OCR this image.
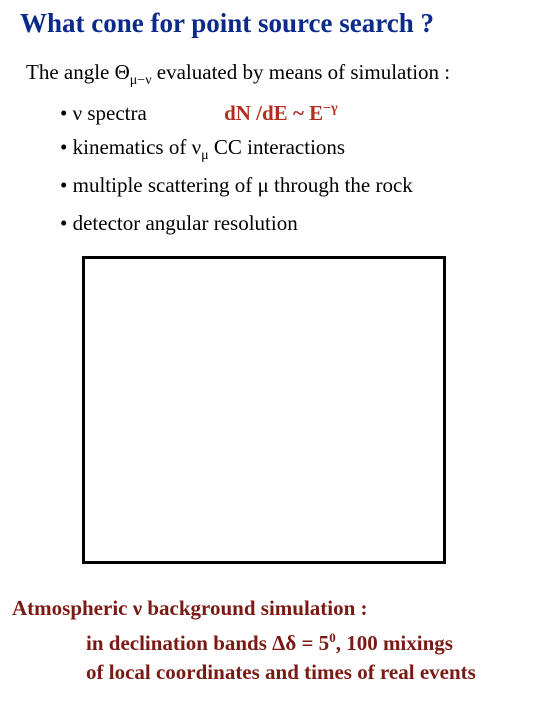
What cone for point source search ?
The angle $\Theta_{\mu-\nu}$ evaluated by means of simulation :
• ν spectra	dN /dE ~ $E^{-\gamma}$
• kinematics of $\nu_\mu$ CC interactions
• multiple scattering of μ through the rock
• detector angular resolution
Atmospheric ν background simulation :
in declination bands $\Delta\delta = 5^0$, 100 mixings
of local coordinates and times of real events
